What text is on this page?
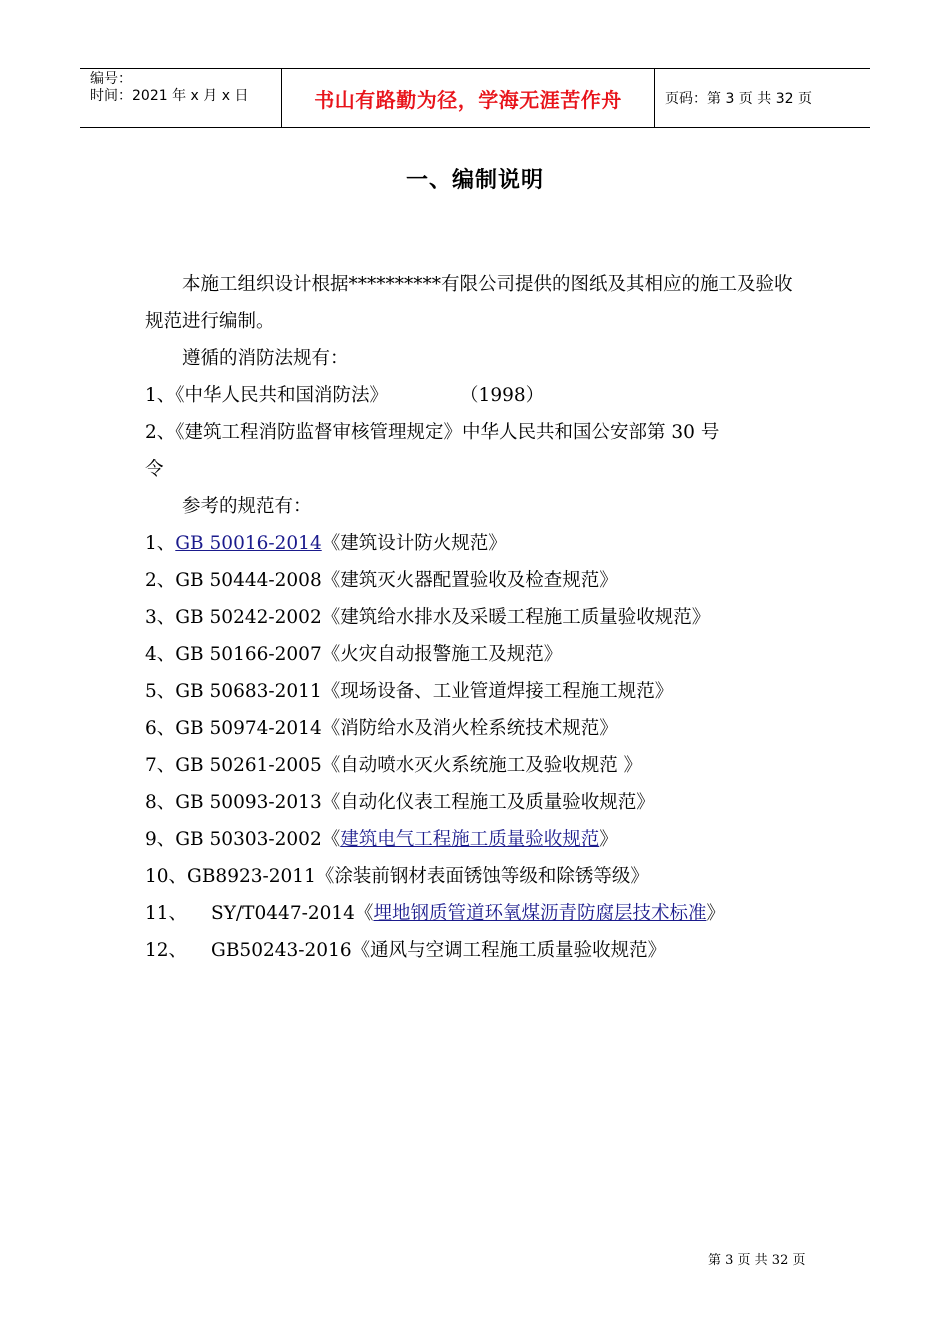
编号：
时间：2021 年 x 月 x 日	书山有路勤为径，学海无涯苦作舟	页码：第 3 页 共 32 页
一、编制说明

本施工组织设计根据**********有限公司提供的图纸及其相应的施工及验收规范进行编制。

遵循的消防法规有：
1、《中华人民共和国消防法》	（1998）
2、《建筑工程消防监督审核管理规定》中华人民共和国公安部第 30 号
令
参考的规范有：
1、GB 50016-2014《建筑设计防火规范》
2、GB 50444-2008《建筑灭火器配置验收及检查规范》
3、GB 50242-2002《建筑给水排水及采暖工程施工质量验收规范》
4、GB 50166-2007《火灾自动报警施工及规范》
5、GB 50683-2011《现场设备、工业管道焊接工程施工规范》
6、GB 50974-2014《消防给水及消火栓系统技术规范》
7、GB 50261-2005《自动喷水灭火系统施工及验收规范 》
8、GB 50093-2013《自动化仪表工程施工及质量验收规范》
9、GB 50303-2002《建筑电气工程施工质量验收规范》
10、GB8923-2011《涂装前钢材表面锈蚀等级和除锈等级》
11、 SY/T0447-2014《埋地钢质管道环氧煤沥青防腐层技术标准》
12、 GB50243-2016《通风与空调工程施工质量验收规范》
第 3 页 共 32 页
